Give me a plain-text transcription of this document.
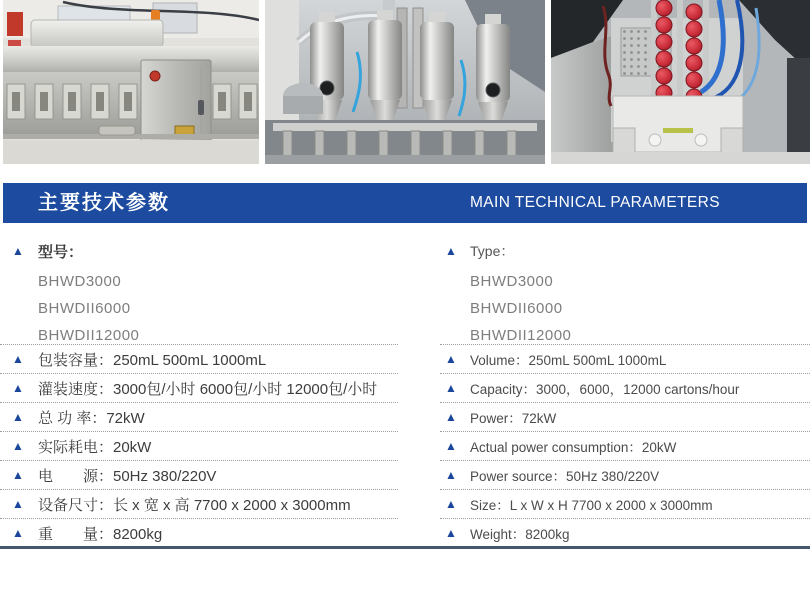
主要技术参数	MAIN TECHNICAL PARAMETERS
▲ 型号：
BHWD3000
BHWDII6000
BHWDII12000
▲ Type：
BHWD3000
BHWDII6000
BHWDII12000
▲ 包装容量：250mL 500mL 1000mL
▲ 灌装速度：3000包/小时 6000包/小时 12000包/小时
▲ 总 功 率：72kW
▲ 实际耗电：20kW
▲ 电　　源：50Hz 380/220V
▲ 设备尺寸：长 x 宽 x 高 7700 x 2000 x 3000mm
▲ 重　　量：8200kg
▲ Volume：250mL 500mL 1000mL
▲ Capacity：3000，6000，12000 cartons/hour
▲ Power：72kW
▲ Actual power consumption：20kW
▲ Power source：50Hz 380/220V
▲ Size：L x W x H 7700 x 2000 x 3000mm
▲ Weight：8200kg
